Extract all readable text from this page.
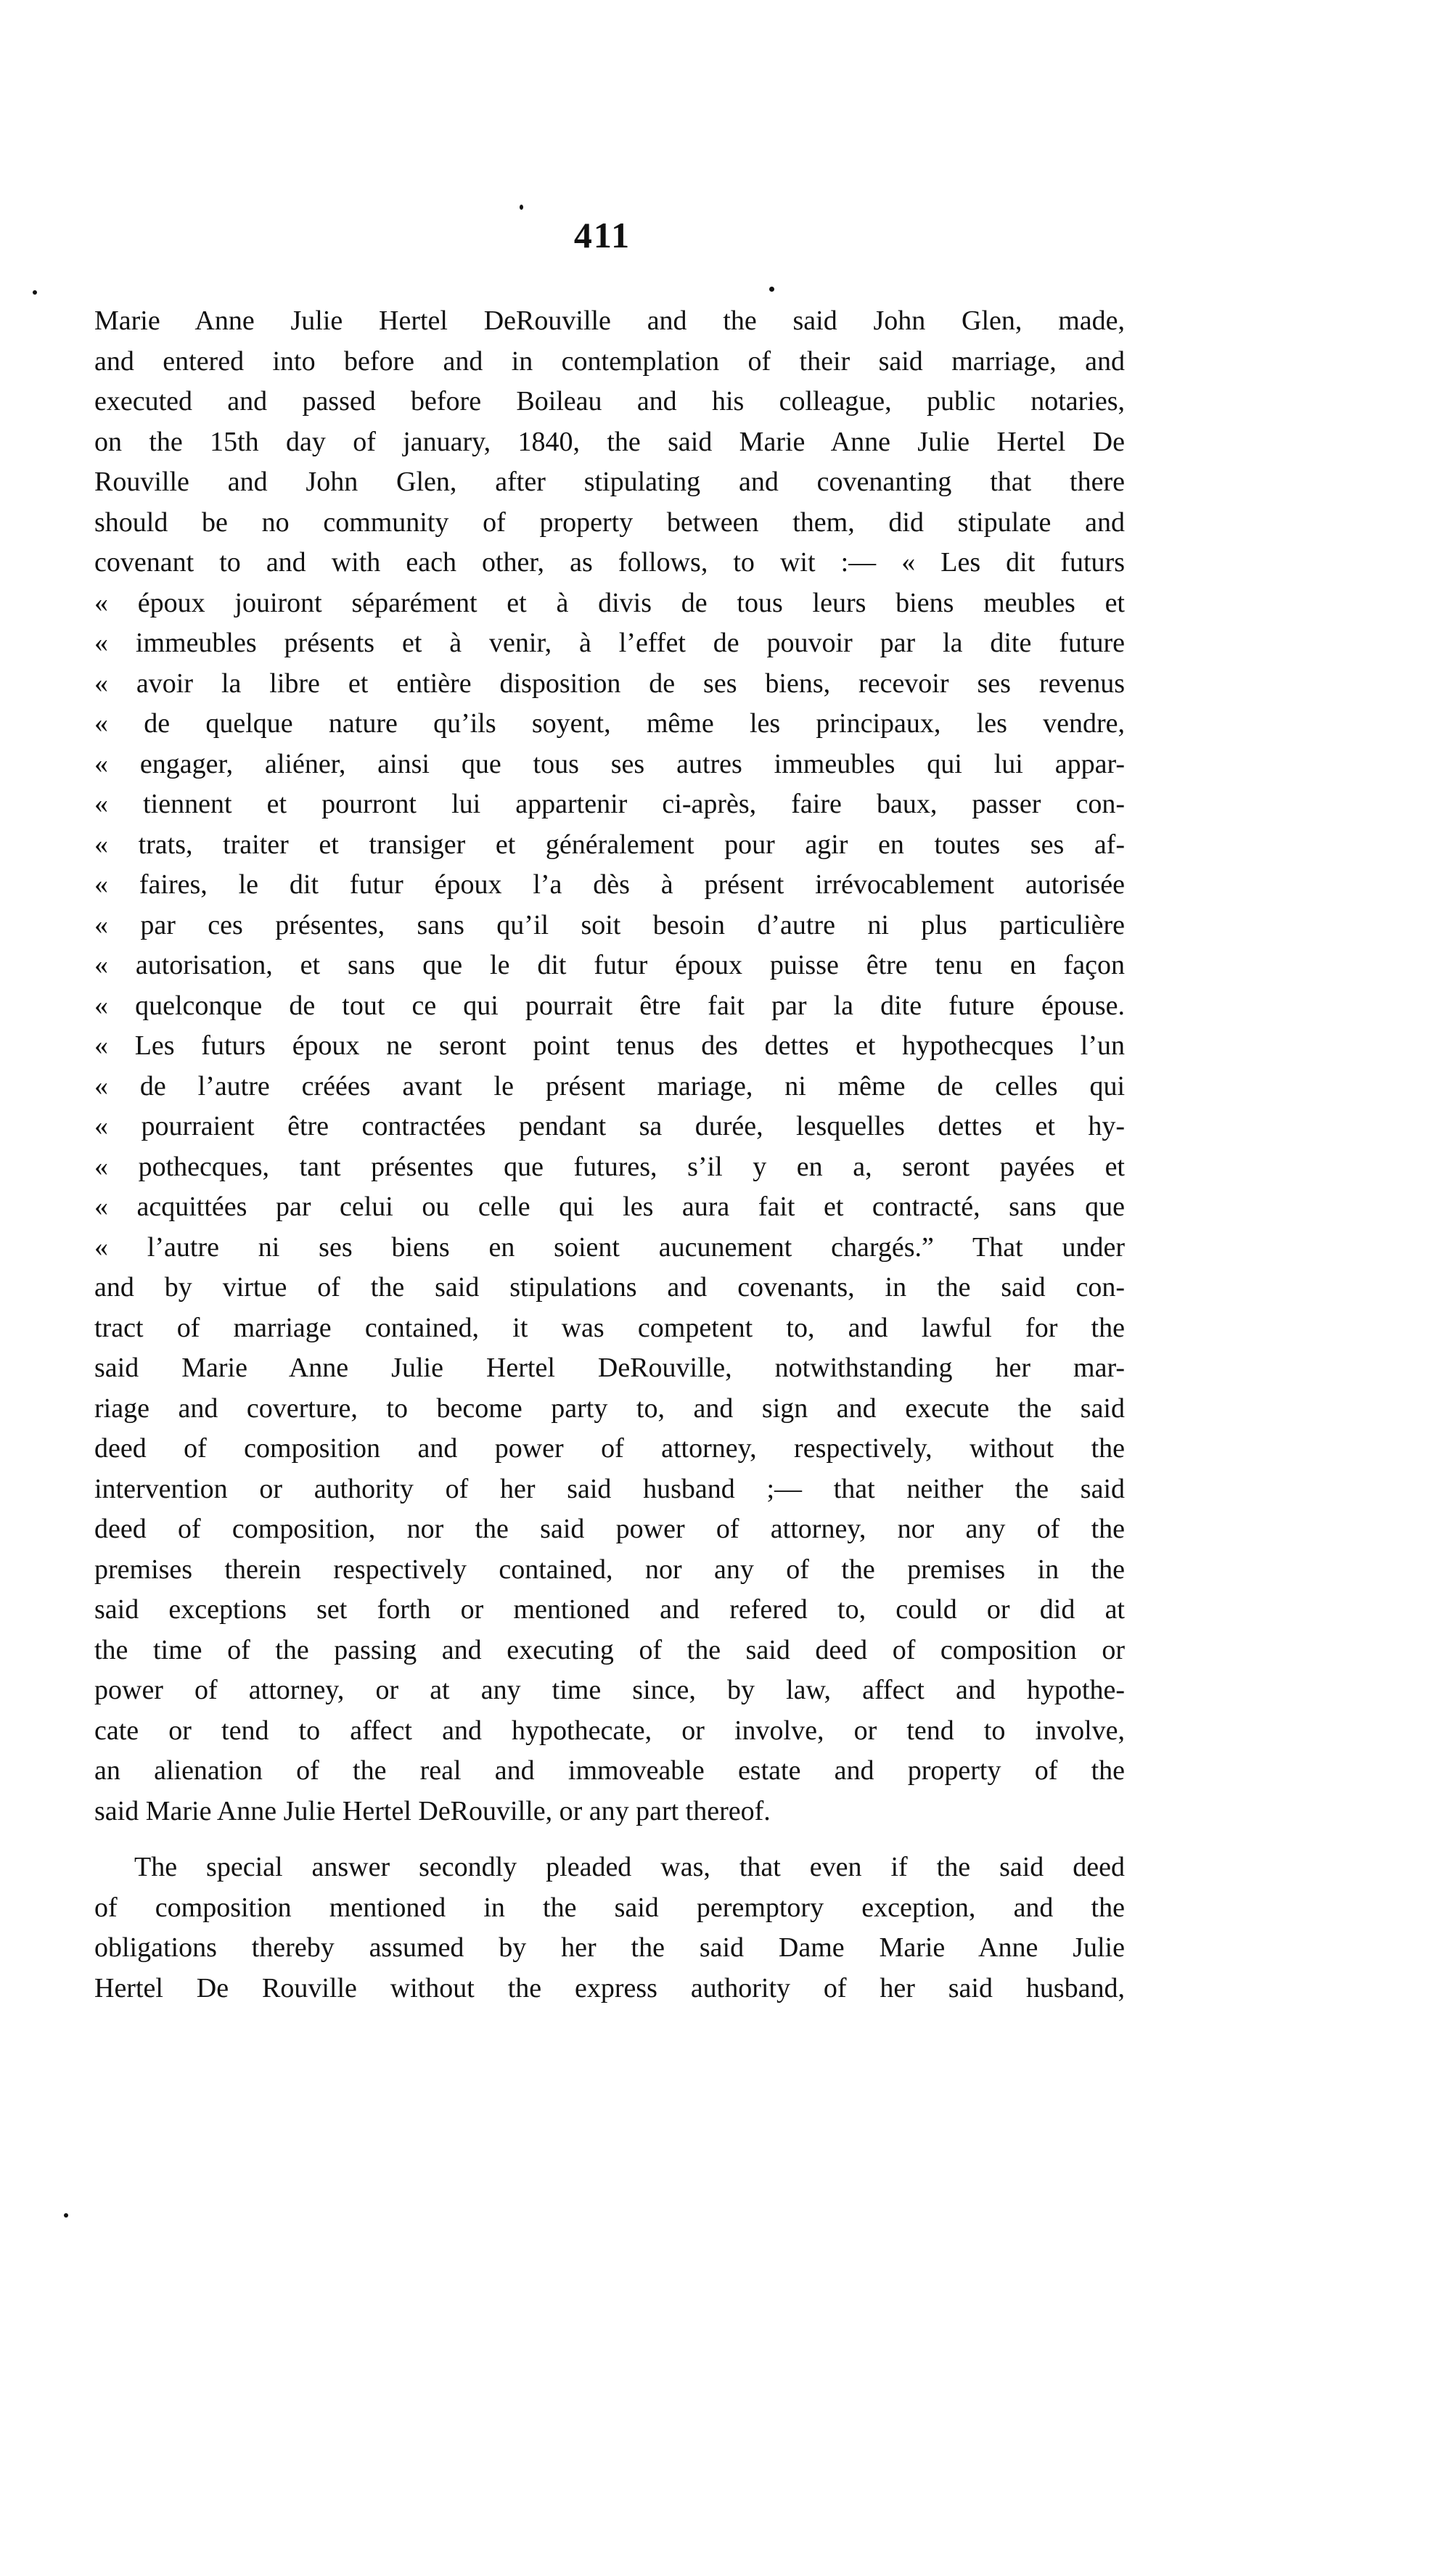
411
Marie Anne Julie Hertel DeRouville and the said John Glen, made,
and entered into before and in contemplation of their said marriage, and
executed and passed before Boileau and his colleague, public notaries,
on the 15th day of january, 1840, the said Marie Anne Julie Hertel De
Rouville and John Glen, after stipulating and covenanting that there
should be no community of property between them, did stipulate and
covenant to and with each other, as follows, to wit :— « Les dit futurs
« époux jouiront séparément et à divis de tous leurs biens meubles et
« immeubles présents et à venir, à l’effet de pouvoir par la dite future
« avoir la libre et entière disposition de ses biens, recevoir ses revenus
« de quelque nature qu’ils soyent, même les principaux, les vendre,
« engager, aliéner, ainsi que tous ses autres immeubles qui lui appar-
« tiennent et pourront lui appartenir ci-après, faire baux, passer con-
« trats, traiter et transiger et généralement pour agir en toutes ses af-
« faires, le dit futur époux l’a dès à présent irrévocablement autorisée
« par ces présentes, sans qu’il soit besoin d’autre ni plus particulière
« autorisation, et sans que le dit futur époux puisse être tenu en façon
« quelconque de tout ce qui pourrait être fait par la dite future épouse.
« Les futurs époux ne seront point tenus des dettes et hypothecques l’un
« de l’autre créées avant le présent mariage, ni même de celles qui
« pourraient être contractées pendant sa durée, lesquelles dettes et hy-
« pothecques, tant présentes que futures, s’il y en a, seront payées et
« acquittées par celui ou celle qui les aura fait et contracté, sans que
« l’autre ni ses biens en soient aucunement chargés.” That under
and by virtue of the said stipulations and covenants, in the said con-
tract of marriage contained, it was competent to, and lawful for the
said Marie Anne Julie Hertel DeRouville, notwithstanding her mar-
riage and coverture, to become party to, and sign and execute the said
deed of composition and power of attorney, respectively, without the
intervention or authority of her said husband ;— that neither the said
deed of composition, nor the said power of attorney, nor any of the
premises therein respectively contained, nor any of the premises in the
said exceptions set forth or mentioned and refered to, could or did at
the time of the passing and executing of the said deed of composition or
power of attorney, or at any time since, by law, affect and hypothe-
cate or tend to affect and hypothecate, or involve, or tend to involve,
an alienation of the real and immoveable estate and property of the
said Marie Anne Julie Hertel DeRouville, or any part thereof.
The special answer secondly pleaded was, that even if the said deed
of composition mentioned in the said peremptory exception, and the
obligations thereby assumed by her the said Dame Marie Anne Julie
Hertel De Rouville without the express authority of her said husband,
